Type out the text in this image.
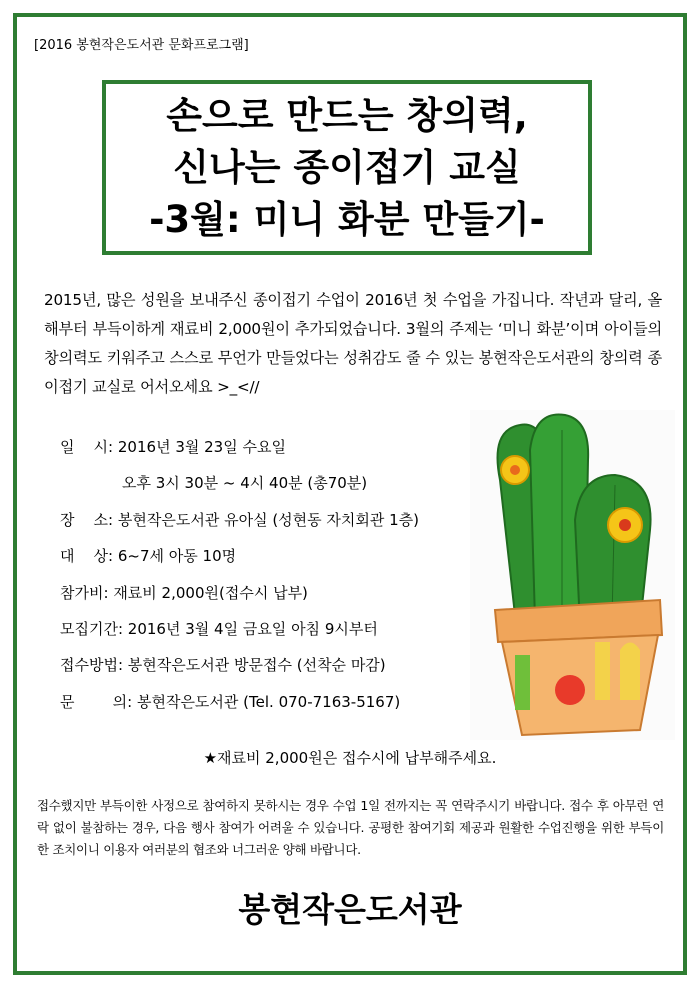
[2016 봉현작은도서관 문화프로그램]
손으로 만드는 창의력,
신나는 종이접기 교실
-3월: 미니 화분 만들기-
2015년, 많은 성원을 보내주신 종이접기 수업이 2016년 첫 수업을 가집니다. 작년과 달리, 올해부터 부득이하게 재료비 2,000원이 추가되었습니다. 3월의 주제는 ‘미니 화분’이며 아이들의 창의력도 키워주고 스스로 무언가 만들었다는 성취감도 줄 수 있는 봉현작은도서관의 창의력 종이접기 교실로 어서오세요 >_<//
일    시: 2016년 3월 23일 수요일
오후 3시 30분 ~ 4시 40분 (총70분)
장    소: 봉현작은도서관 유아실 (성현동 자치회관 1층)
대    상: 6~7세 아동 10명
참가비: 재료비 2,000원(접수시 납부)
모집기간: 2016년 3월 4일 금요일 아침 9시부터
접수방법: 봉현작은도서관 방문접수 (선착순 마감)
문        의: 봉현작은도서관 (Tel. 070-7163-5167)
★재료비 2,000원은 접수시에 납부해주세요.
접수했지만 부득이한 사정으로 참여하지 못하시는 경우 수업 1일 전까지는 꼭 연락주시기 바랍니다. 접수 후 아무런 연락 없이 불참하는 경우, 다음 행사 참여가 어려울 수 있습니다. 공평한 참여기회 제공과 원활한 수업진행을 위한 부득이한 조치이니 이용자 여러분의 협조와 너그러운 양해 바랍니다.
봉현작은도서관
